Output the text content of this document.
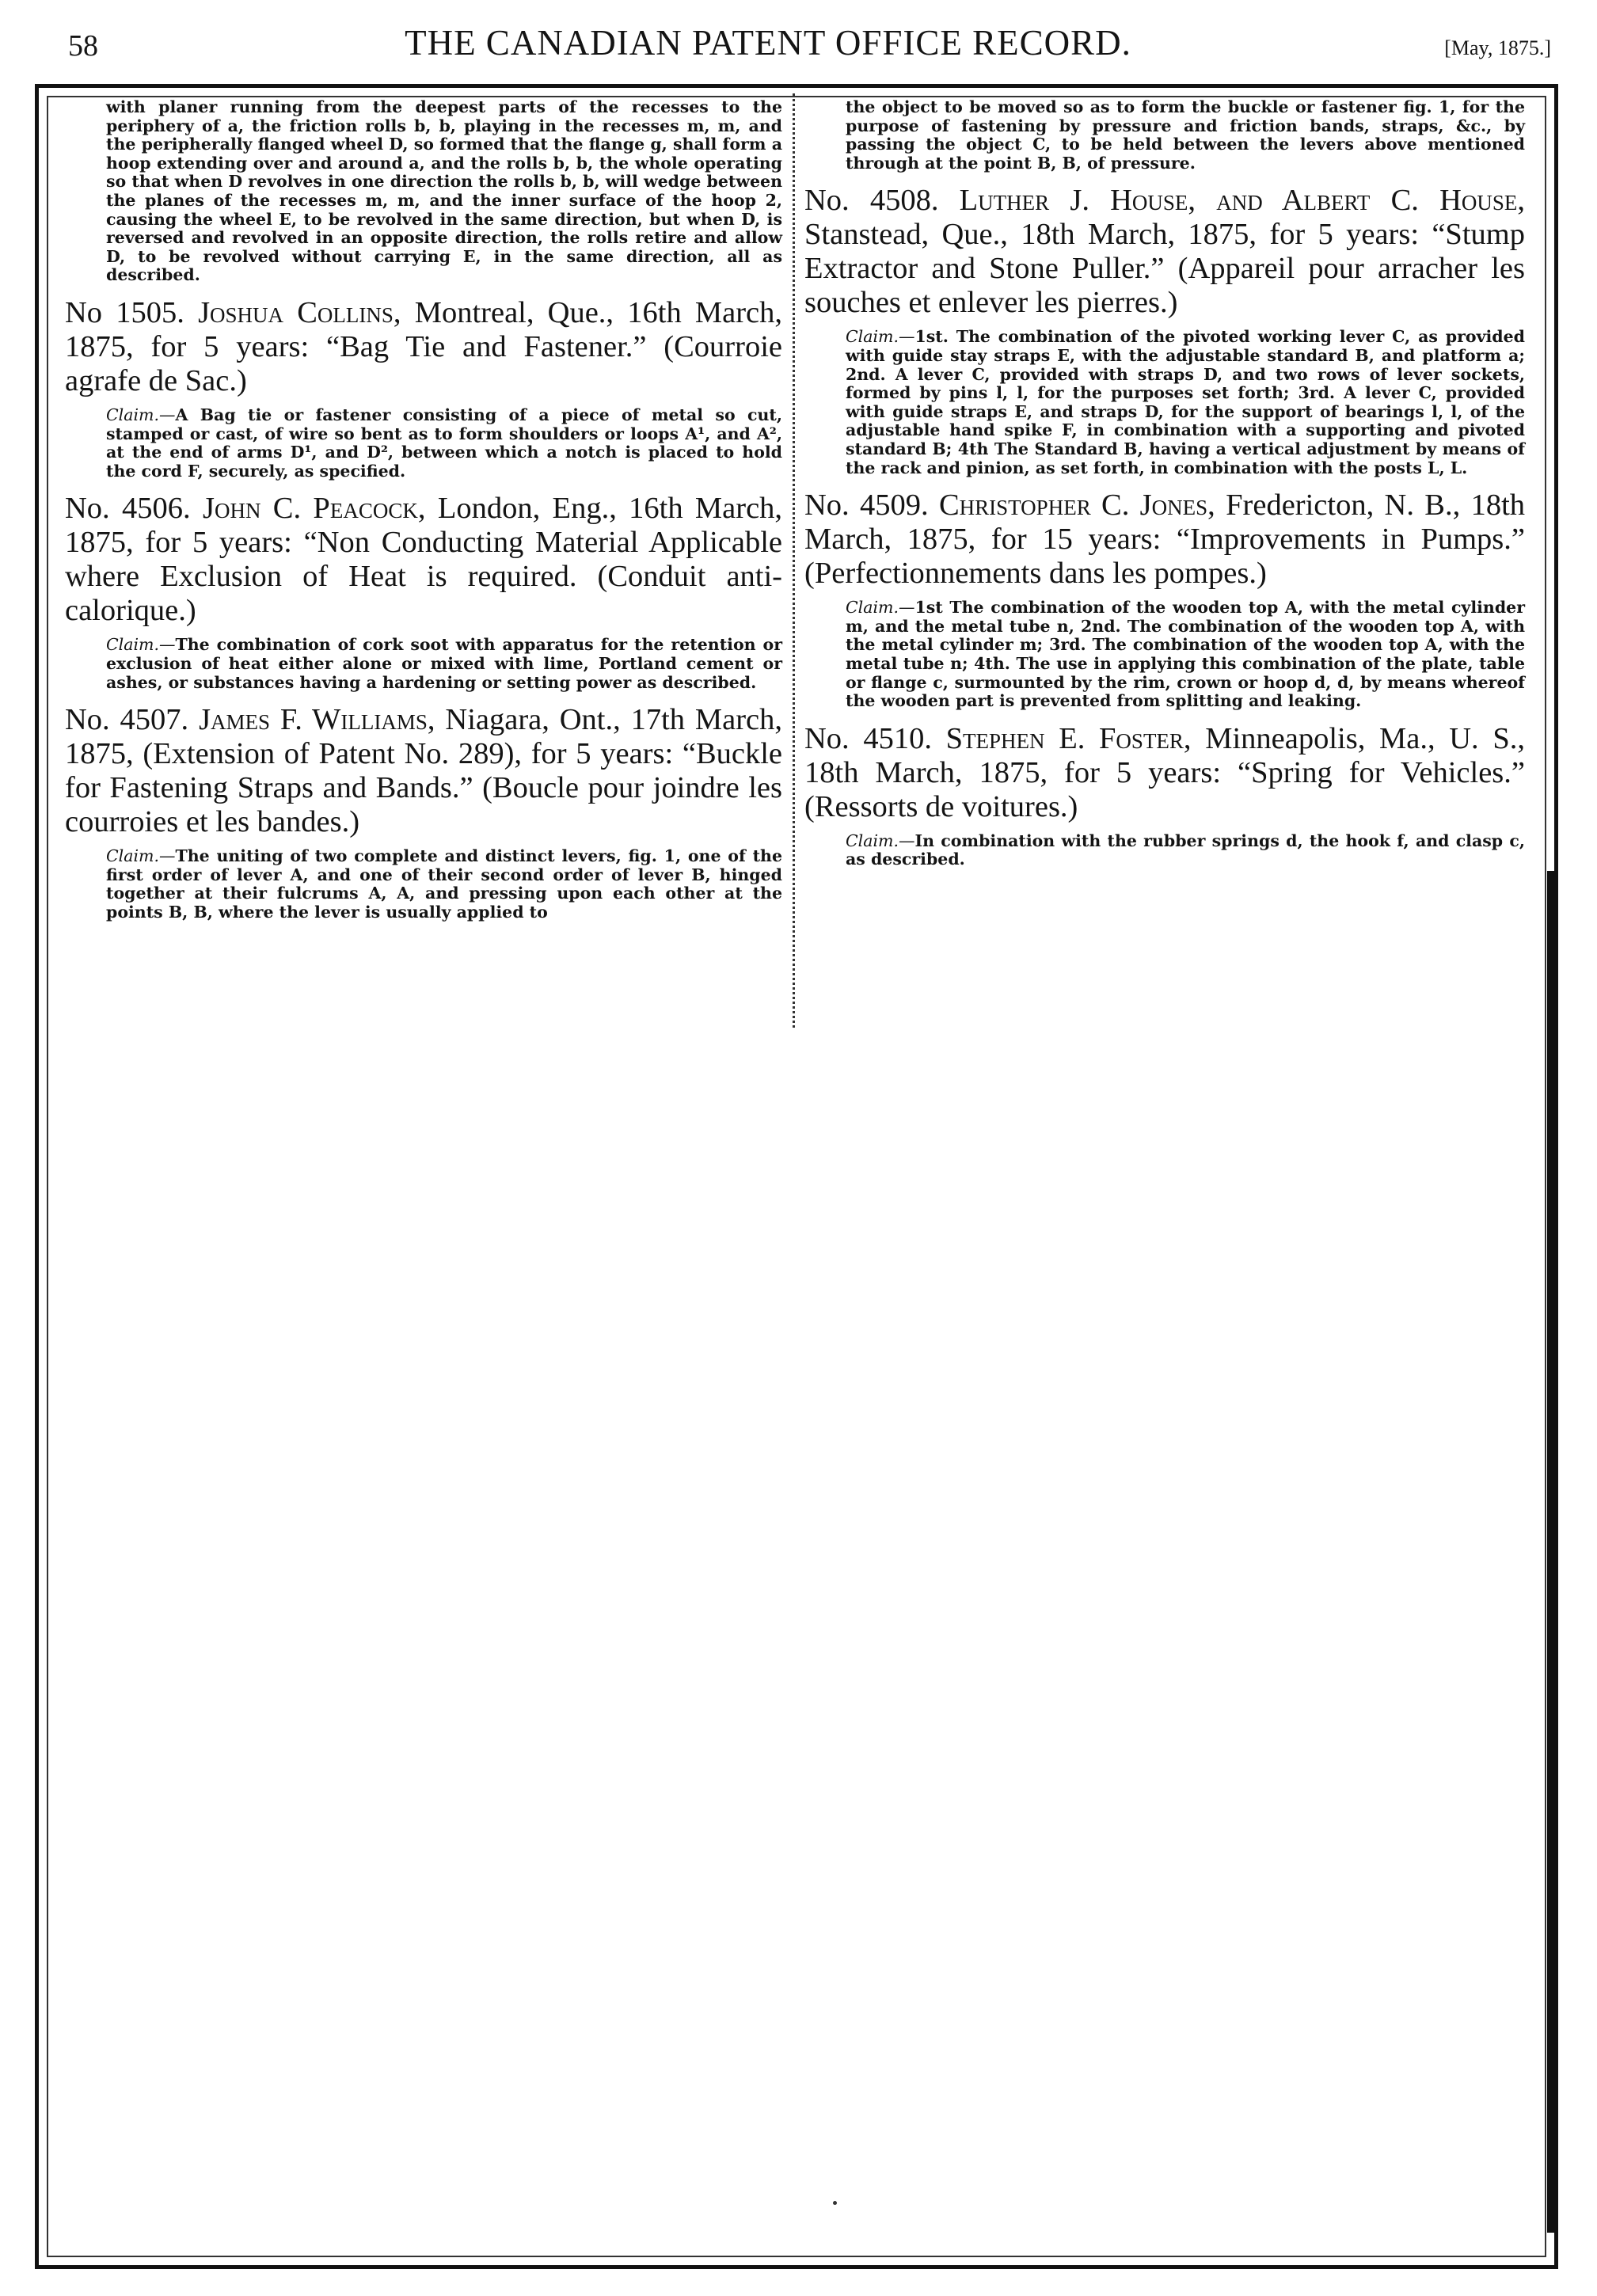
58	THE CANADIAN PATENT OFFICE RECORD.	[May, 1875.]

with planer running from the deepest parts of the recesses to the periphery of a, the friction rolls b, b, playing in the recesses m, m, and the peripherally flanged wheel D, so formed that the flange g, shall form a hoop extending over and around a, and the rolls b, b, the whole operating so that when D revolves in one direction the rolls b, b, will wedge between the planes of the recesses m, m, and the inner surface of the hoop 2, causing the wheel E, to be revolved in the same direction, but when D, is reversed and revolved in an opposite direction, the rolls retire and allow D, to be revolved without carrying E, in the same direction, all as described.

No 1505. Joshua Collins, Montreal, Que., 16th March, 1875, for 5 years: “Bag Tie and Fastener.” (Courroie agrafe de Sac.)

Claim.—A Bag tie or fastener consisting of a piece of metal so cut, stamped or cast, of wire so bent as to form shoulders or loops A¹, and A², at the end of arms D¹, and D², between which a notch is placed to hold the cord F, securely, as specified.

No. 4506. John C. Peacock, London, Eng., 16th March, 1875, for 5 years: “Non Conducting Material Applicable where Exclusion of Heat is required. (Conduit anti-calorique.)

Claim.—The combination of cork soot with apparatus for the retention or exclusion of heat either alone or mixed with lime, Portland cement or ashes, or substances having a hardening or setting power as described.

No. 4507. James F. Williams, Niagara, Ont., 17th March, 1875, (Extension of Patent No. 289), for 5 years: “Buckle for Fastening Straps and Bands.” (Boucle pour joindre les courroies et les bandes.)

Claim.—The uniting of two complete and distinct levers, fig. 1, one of the first order of lever A, and one of their second order of lever B, hinged together at their fulcrums A, A, and pressing upon each other at the points B, B, where the lever is usually applied to

the object to be moved so as to form the buckle or fastener fig. 1, for the purpose of fastening by pressure and friction bands, straps, &c., by passing the object C, to be held between the levers above mentioned through at the point B, B, of pressure.

No. 4508. Luther J. House, and Albert C. House, Stanstead, Que., 18th March, 1875, for 5 years: “Stump Extractor and Stone Puller.” (Appareil pour arracher les souches et enlever les pierres.)

Claim.—1st. The combination of the pivoted working lever C, as provided with guide stay straps E, with the adjustable standard B, and platform a; 2nd. A lever C, provided with straps D, and two rows of lever sockets, formed by pins l, l, for the purposes set forth; 3rd. A lever C, provided with guide straps E, and straps D, for the support of bearings l, l, of the adjustable hand spike F, in combination with a supporting and pivoted standard B; 4th The Standard B, having a vertical adjustment by means of the rack and pinion, as set forth, in combination with the posts L, L.

No. 4509. Christopher C. Jones, Fredericton, N. B., 18th March, 1875, for 15 years: “Improvements in Pumps.” (Perfectionnements dans les pompes.)

Claim.—1st The combination of the wooden top A, with the metal cylinder m, and the metal tube n, 2nd. The combination of the wooden top A, with the metal cylinder m; 3rd. The combination of the wooden top A, with the metal tube n; 4th. The use in applying this combination of the plate, table or flange c, surmounted by the rim, crown or hoop d, d, by means whereof the wooden part is prevented from splitting and leaking.

No. 4510. Stephen E. Foster, Minneapolis, Ma., U. S., 18th March, 1875, for 5 years: “Spring for Vehicles.” (Ressorts de voitures.)

Claim.—In combination with the rubber springs d, the hook f, and clasp c, as described.
